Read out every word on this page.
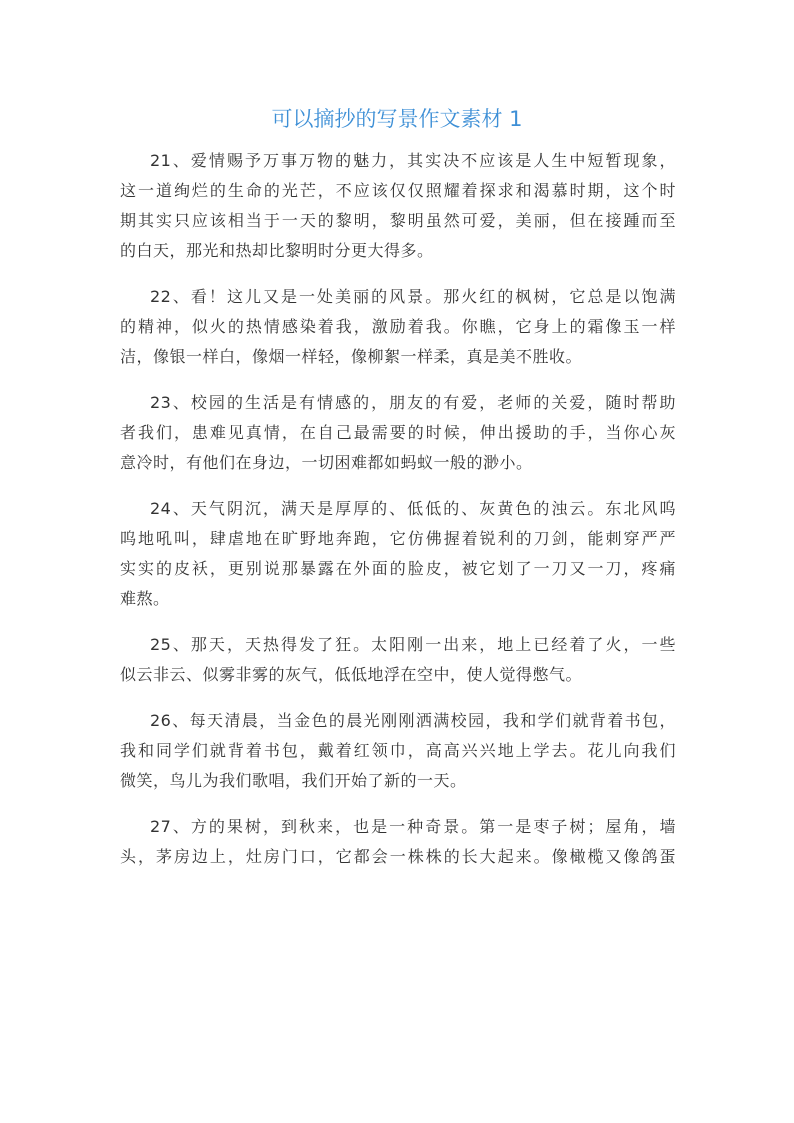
可以摘抄的写景作文素材 1

21、爱情赐予万事万物的魅力，其实决不应该是人生中短暂现象，
这一道绚烂的生命的光芒，不应该仅仅照耀着探求和渴慕时期，这个时
期其实只应该相当于一天的黎明，黎明虽然可爱，美丽，但在接踵而至
的白天，那光和热却比黎明时分更大得多。

22、看！这儿又是一处美丽的风景。那火红的枫树，它总是以饱满
的精神，似火的热情感染着我，激励着我。你瞧，它身上的霜像玉一样
洁，像银一样白，像烟一样轻，像柳絮一样柔，真是美不胜收。

23、校园的生活是有情感的，朋友的有爱，老师的关爱，随时帮助
者我们，患难见真情，在自己最需要的时候，伸出援助的手，当你心灰
意冷时，有他们在身边，一切困难都如蚂蚁一般的渺小。

24、天气阴沉，满天是厚厚的、低低的、灰黄色的浊云。东北风呜
呜地吼叫，肆虐地在旷野地奔跑，它仿佛握着锐利的刀剑，能刺穿严严
实实的皮袄，更别说那暴露在外面的脸皮，被它划了一刀又一刀，疼痛
难熬。

25、那天，天热得发了狂。太阳刚一出来，地上已经着了火，一些
似云非云、似雾非雾的灰气，低低地浮在空中，使人觉得憋气。

26、每天清晨，当金色的晨光刚刚洒满校园，我和学们就背着书包，
我和同学们就背着书包，戴着红领巾，高高兴兴地上学去。花儿向我们
微笑，鸟儿为我们歌唱，我们开始了新的一天。

27、方的果树，到秋来，也是一种奇景。第一是枣子树；屋角，墙
头，茅房边上，灶房门口，它都会一株株的长大起来。像橄榄又像鸽蛋
